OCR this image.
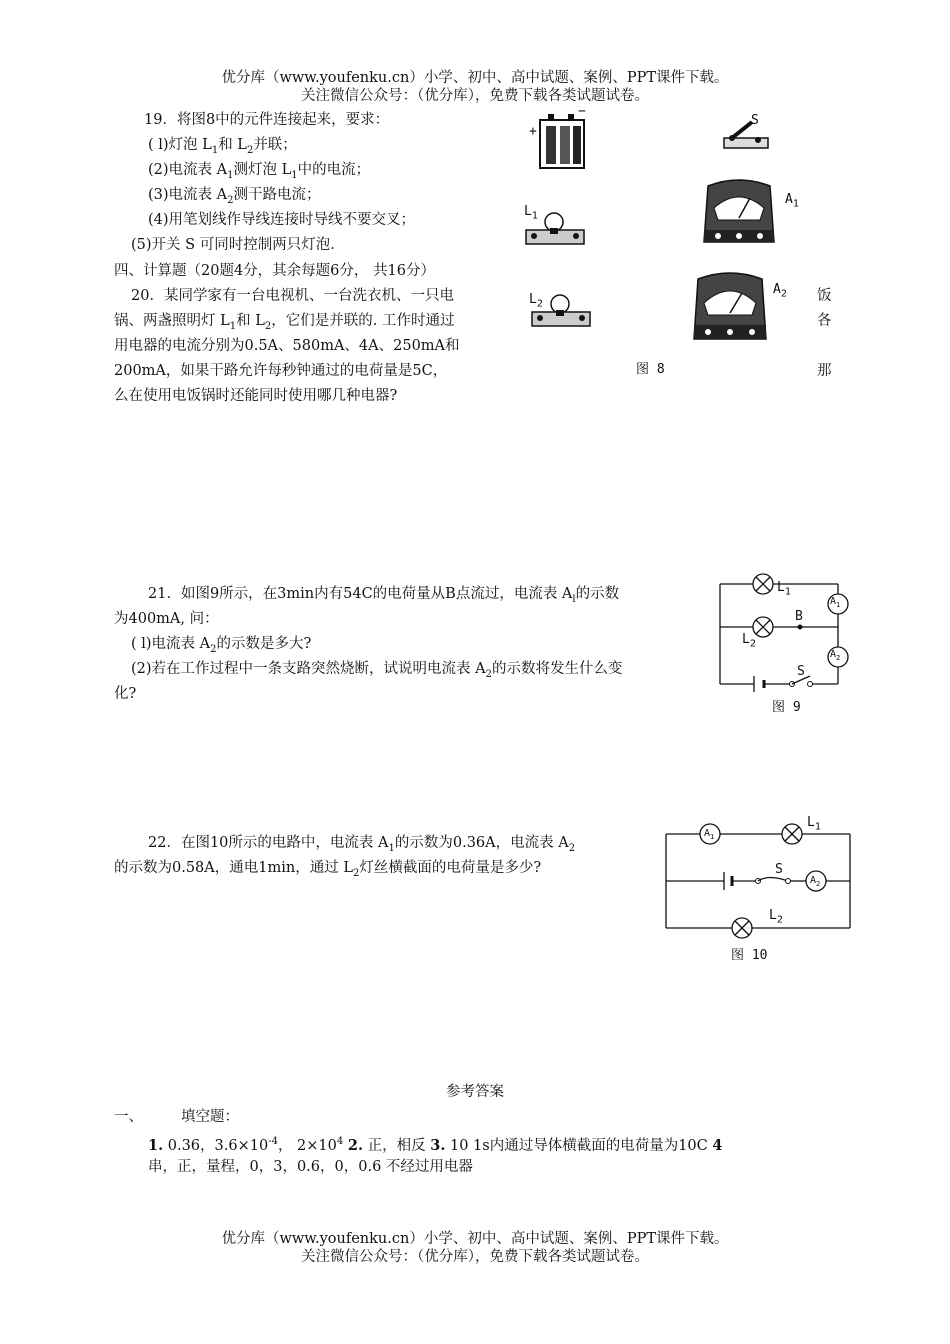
优分库（www.youfenku.cn）小学、初中、高中试题、案例、PPT课件下载。
关注微信公众号：（优分库），免费下载各类试题试卷。
19．将图8中的元件连接起来，要求：
( l)灯泡 $L_1$和 $L_2$并联；
(2)电流表 $A_1$测灯泡 $L_1$中的电流；
(3)电流表 $A_2$测干路电流；
(4)用笔划线作导线连接时导线不要交叉；
(5)开关 S 可同时控制两只灯泡．
四、计算题（20题4分，其余每题6分， 共16分）
20．某同学家有一台电视机、一台洗衣机、一只电
锅、两盏照明灯 $L_1$和 $L_2$，它们是并联的. 工作时通过
用电器的电流分别为0.5A、580mA、4A、250mA和
200mA，如果干路允许每秒钟通过的电荷量是5C，
么在使用电饭锅时还能同时使用哪几种电器?
饭
各
那
+
−
S
$L_1$
$L_2$
$A_1$
$A_2$
图 8
21．如图9所示，在3min内有54C的电荷量从B点流过，电流表 $A_l$的示数
为400mA, 问：
( l)电流表 $A_2$的示数是多大?
(2)若在工作过程中一条支路突然烧断，试说明电流表 $A_2$的示数将发生什么变
化?
$L_1$
$L_2$
B
S
$A_1$
$A_2$
图 9
22．在图10所示的电路中，电流表 $A_1$的示数为0.36A，电流表 $A_2$
的示数为0.58A，通电1min，通过 $L_2$灯丝横截面的电荷量是多少?
$A_1$
$A_2$
$L_1$
$L_2$
S
图 10
参考答案
一、	填空题：
1. 0.36，$3.6\times 10^{-4}$， $2\times 10^4$ 2. 正，相反 3. 10 1s内通过导体横截面的电荷量为10C 4
串，正，量程，0，3，0.6，0，0.6 不经过用电器
优分库（www.youfenku.cn）小学、初中、高中试题、案例、PPT课件下载。
关注微信公众号：（优分库），免费下载各类试题试卷。
